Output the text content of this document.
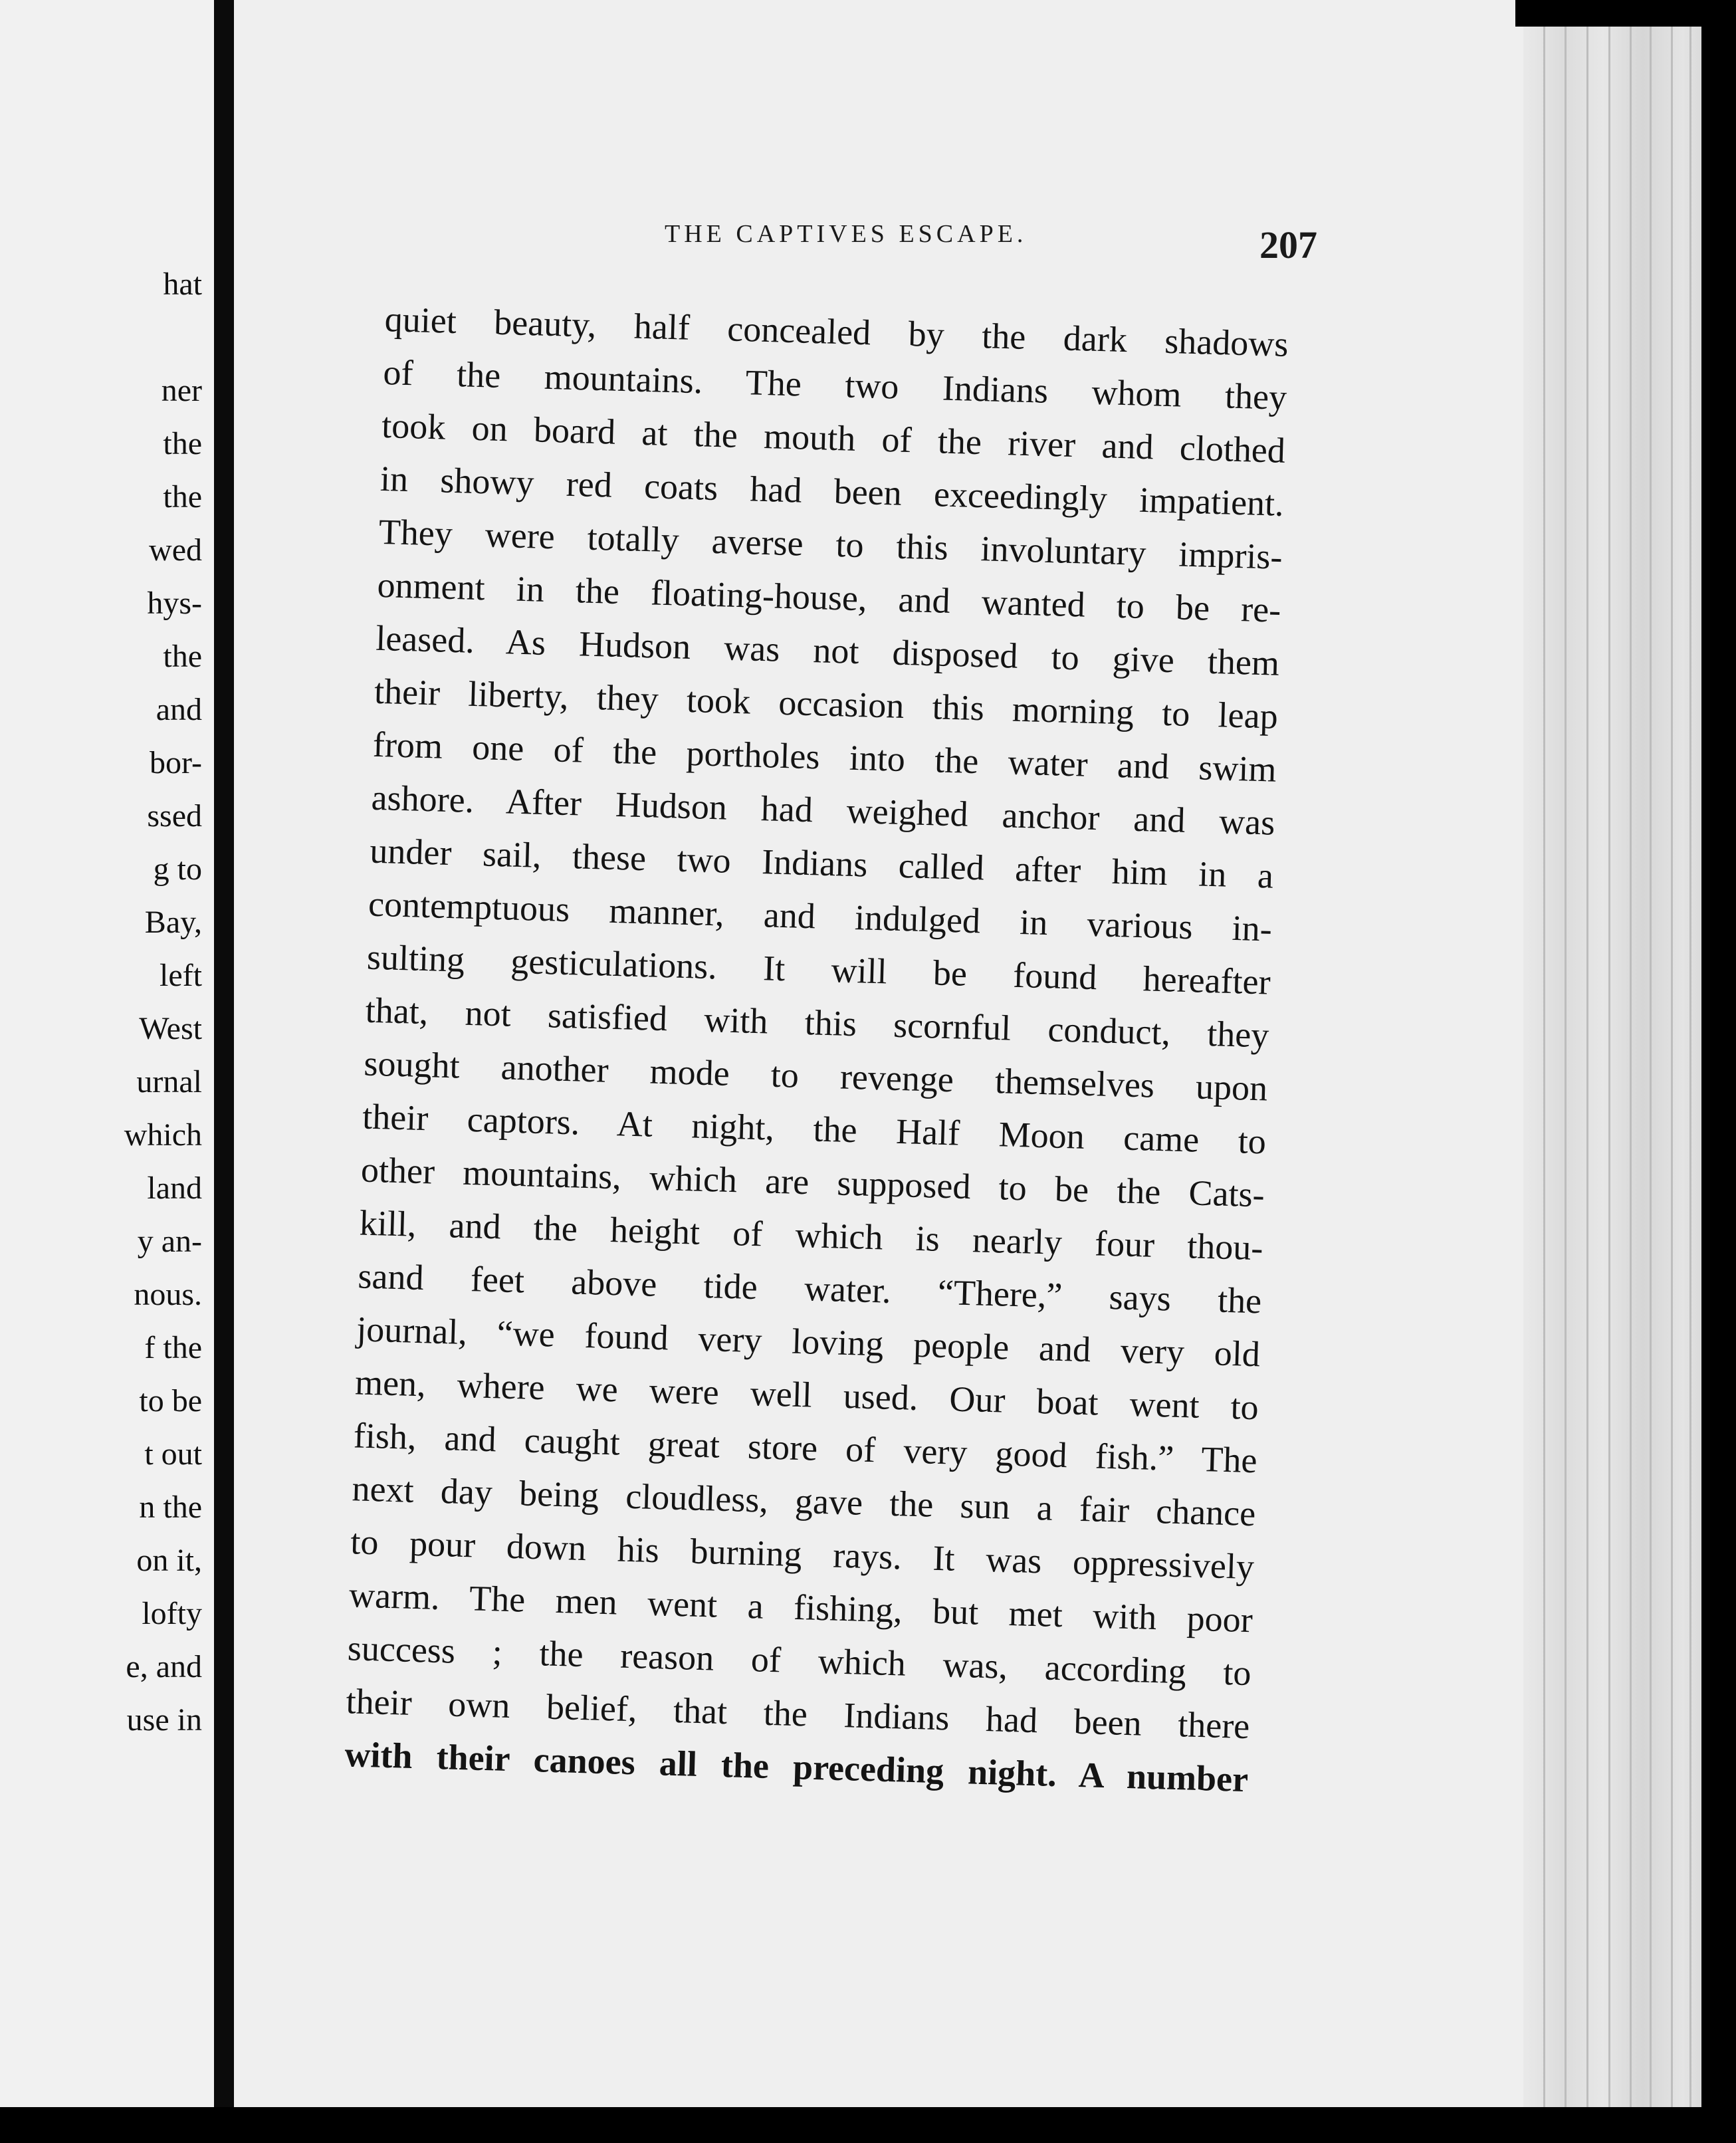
hat
ner
the
the
wed
hys-
the
and
bor-
ssed
g to
Bay,
left
West
urnal
which
land
y an-
nous.
f the
to be
t out
n the
on it,
lofty
e, and
use in
THE CAPTIVES ESCAPE.	207
quiet beauty, half concealed by the dark shadows
of the mountains. The two Indians whom they
took on board at the mouth of the river and clothed
in showy red coats had been exceedingly impatient.
They were totally averse to this involuntary impris-
onment in the floating-house, and wanted to be re-
leased. As Hudson was not disposed to give them
their liberty, they took occasion this morning to leap
from one of the portholes into the water and swim
ashore. After Hudson had weighed anchor and was
under sail, these two Indians called after him in a
contemptuous manner, and indulged in various in-
sulting gesticulations. It will be found hereafter
that, not satisfied with this scornful conduct, they
sought another mode to revenge themselves upon
their captors. At night, the Half Moon came to
other mountains, which are supposed to be the Cats-
kill, and the height of which is nearly four thou-
sand feet above tide water. “There,” says the
journal, “we found very loving people and very old
men, where we were well used. Our boat went to
fish, and caught great store of very good fish.” The
next day being cloudless, gave the sun a fair chance
to pour down his burning rays. It was oppressively
warm. The men went a fishing, but met with poor
success ; the reason of which was, according to
their own belief, that the Indians had been there
with their canoes all the preceding night. A number
